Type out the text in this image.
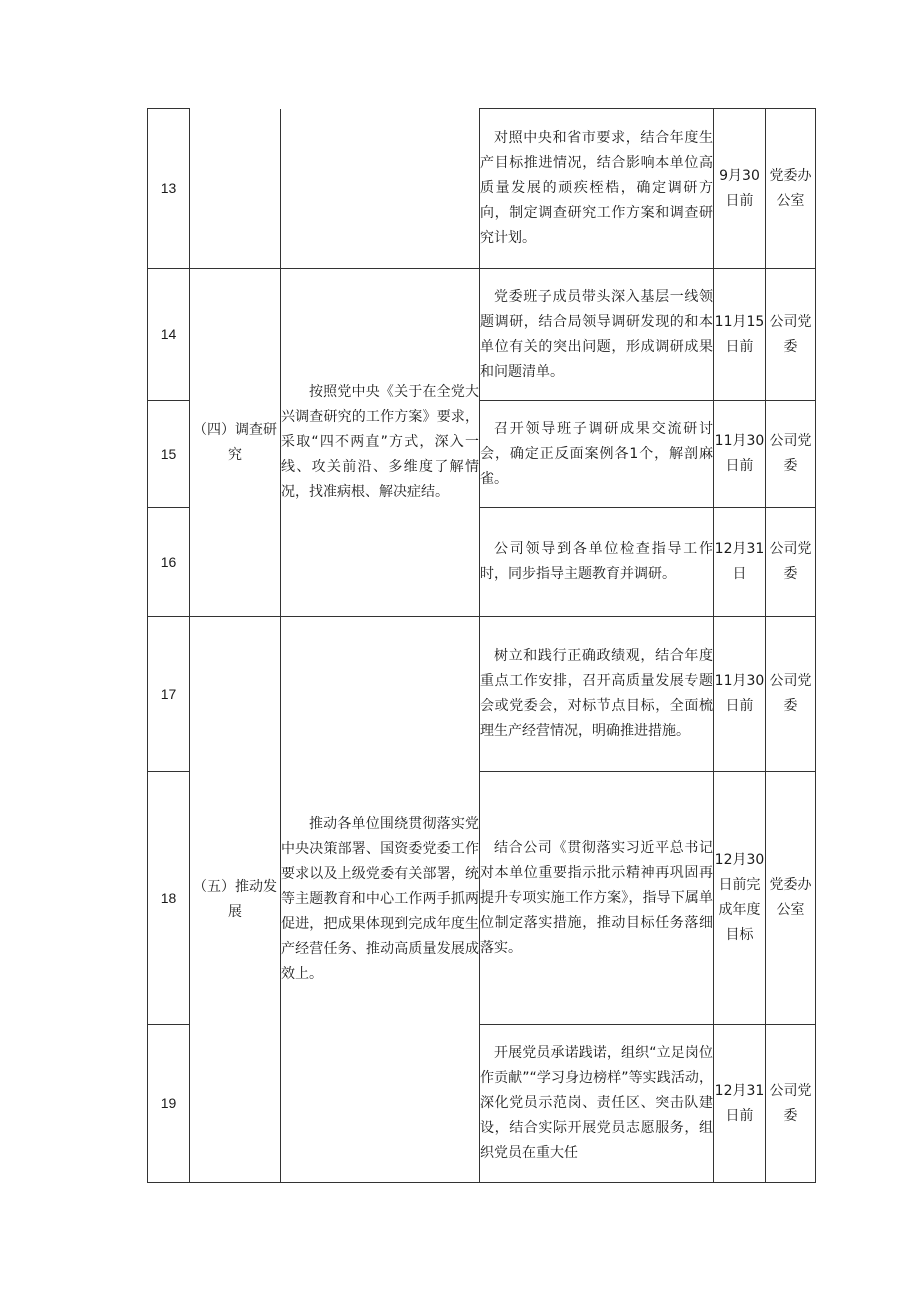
13			对照中央和省市要求，结合年度生产目标推进情况，结合影响本单位高质量发展的顽疾桎梏，确定调研方向，制定调查研究工作方案和调查研究计划。	9月30日前	党委办公室
14	（四）调查研究	按照党中央《关于在全党大兴调查研究的工作方案》要求，采取“四不两直”方式，深入一线、攻关前沿、多维度了解情况，找准病根、解决症结。	党委班子成员带头深入基层一线领题调研，结合局领导调研发现的和本单位有关的突出问题，形成调研成果和问题清单。	11月15日前	公司党委
15			召开领导班子调研成果交流研讨会，确定正反面案例各1个，解剖麻雀。	11月30日前	公司党委
16			公司领导到各单位检查指导工作时，同步指导主题教育并调研。	12月31日	公司党委
17	（五）推动发展	推动各单位围绕贯彻落实党中央决策部署、国资委党委工作要求以及上级党委有关部署，统等主题教育和中心工作两手抓两促进，把成果体现到完成年度生产经营任务、推动高质量发展成效上。	树立和践行正确政绩观，结合年度重点工作安排，召开高质量发展专题会或党委会，对标节点目标，全面梳理生产经营情况，明确推进措施。	11月30日前	公司党委
18			结合公司《贯彻落实习近平总书记对本单位重要指示批示精神再巩固再提升专项实施工作方案》，指导下属单位制定落实措施，推动目标任务落细落实。	12月30日前完成年度目标	党委办公室
19			开展党员承诺践诺，组织“立足岗位作贡献”“学习身边榜样”等实践活动，深化党员示范岗、责任区、突击队建设，结合实际开展党员志愿服务，组织党员在重大任	12月31日前	公司党委
